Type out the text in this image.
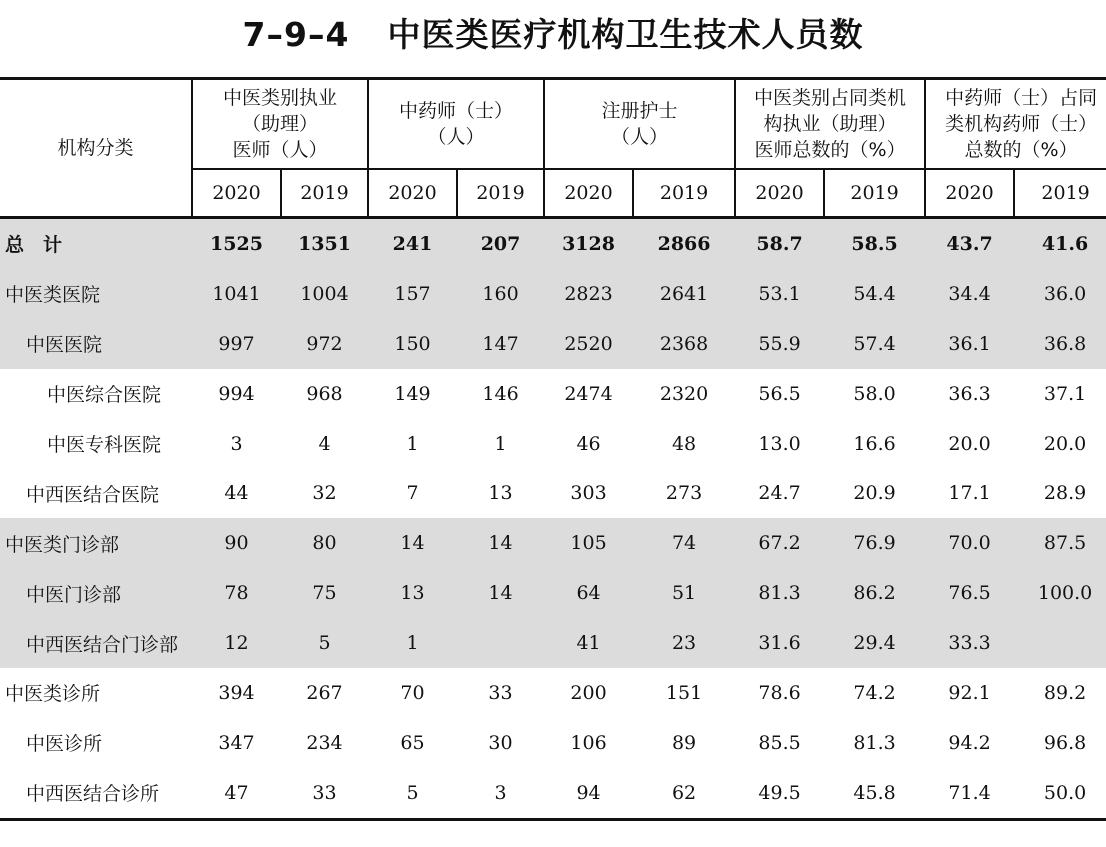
7–9–4 中医类医疗机构卫生技术人员数
机构分类	中医类别执业
（助理）
医师（人）		中药师（士）
（人）		注册护士
（人）		中医类别占同类机
构执业（助理）
医师总数的（%）		中药师（士）占同
类机构药师（士）
总数的（%）	

	2020	2019	2020	2019	2020	2019	2020	2019	2020	2019
总　计	1525	1351	241	207	3128	2866	58.7	58.5	43.7	41.6
中医类医院	1041	1004	157	160	2823	2641	53.1	54.4	34.4	36.0
中医医院	997	972	150	147	2520	2368	55.9	57.4	36.1	36.8
中医综合医院	994	968	149	146	2474	2320	56.5	58.0	36.3	37.1
中医专科医院	3	4	1	1	46	48	13.0	16.6	20.0	20.0
中西医结合医院	44	32	7	13	303	273	24.7	20.9	17.1	28.9
中医类门诊部	90	80	14	14	105	74	67.2	76.9	70.0	87.5
中医门诊部	78	75	13	14	64	51	81.3	86.2	76.5	100.0
中西医结合门诊部	12	5	1		41	23	31.6	29.4	33.3	
中医类诊所	394	267	70	33	200	151	78.6	74.2	92.1	89.2
中医诊所	347	234	65	30	106	89	85.5	81.3	94.2	96.8
中西医结合诊所	47	33	5	3	94	62	49.5	45.8	71.4	50.0
